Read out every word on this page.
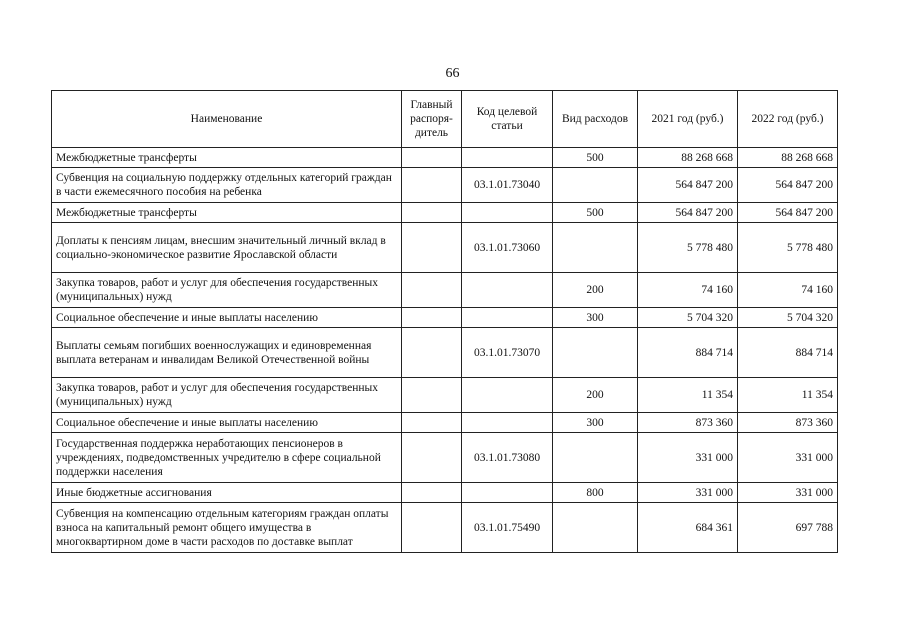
66
Наименование	Главный распоря-дитель	Код целевой статьи	Вид расходов	2021 год (руб.)	2022 год (руб.)
Межбюджетные трансферты			500	88 268 668	88 268 668
Субвенция на социальную поддержку отдельных категорий граждан в части ежемесячного пособия на ребенка		03.1.01.73040		564 847 200	564 847 200
Межбюджетные трансферты			500	564 847 200	564 847 200
Доплаты к пенсиям лицам, внесшим значительный личный вклад в социально-экономическое развитие Ярославской области		03.1.01.73060		5 778 480	5 778 480
Закупка товаров, работ и услуг для обеспечения государственных (муниципальных) нужд			200	74 160	74 160
Социальное обеспечение и иные выплаты населению			300	5 704 320	5 704 320
Выплаты семьям погибших военнослужащих и единовременная выплата ветеранам и инвалидам Великой Отечественной войны		03.1.01.73070		884 714	884 714
Закупка товаров, работ и услуг для обеспечения государственных (муниципальных) нужд			200	11 354	11 354
Социальное обеспечение и иные выплаты населению			300	873 360	873 360
Государственная поддержка неработающих пенсионеров в учреждениях, подведомственных учредителю в сфере социальной поддержки населения		03.1.01.73080		331 000	331 000
Иные бюджетные ассигнования			800	331 000	331 000
Субвенция на компенсацию отдельным категориям граждан оплаты взноса на капитальный ремонт общего имущества в многоквартирном доме в части расходов по доставке выплат		03.1.01.75490		684 361	697 788
